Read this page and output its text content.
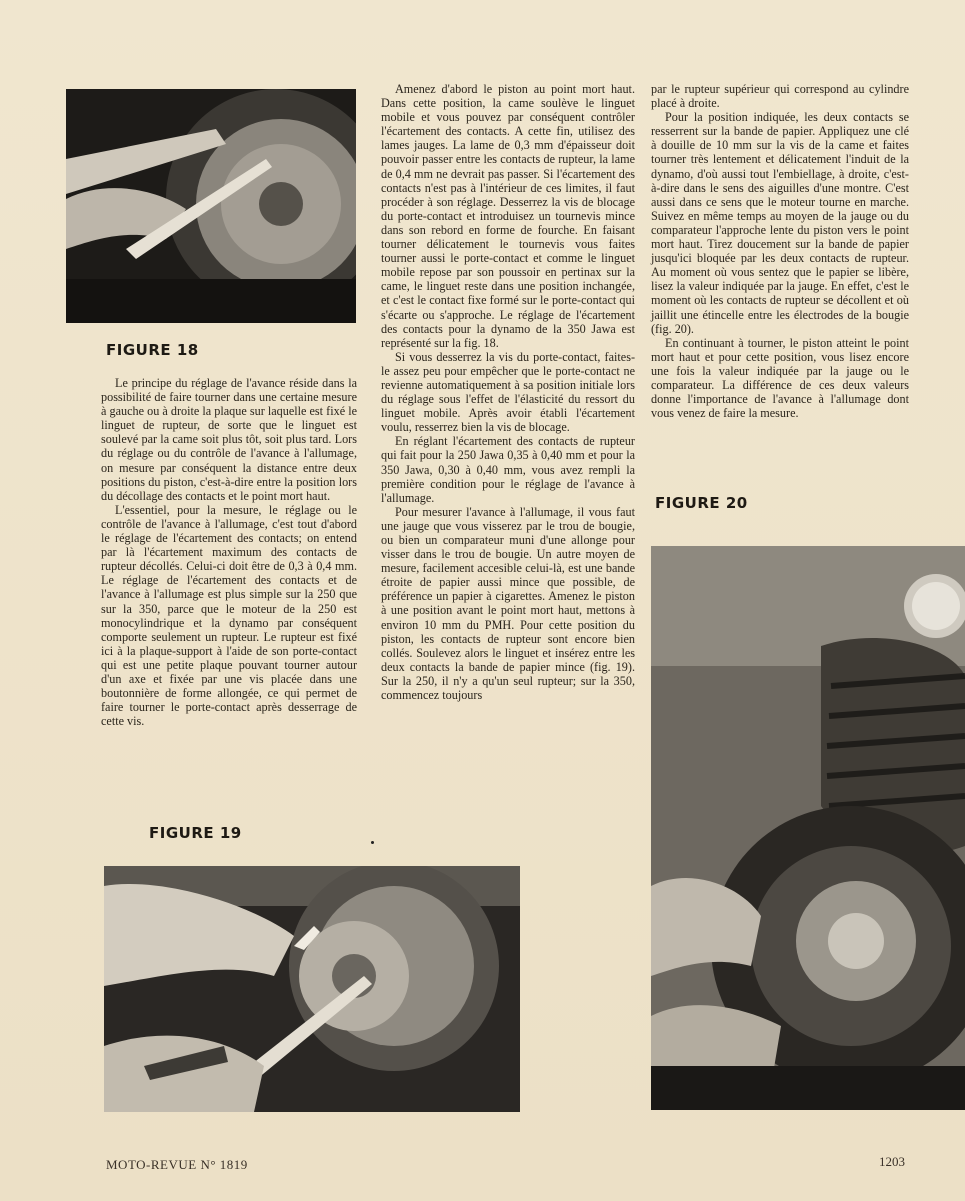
FIGURE 18

Le principe du réglage de l'avance réside dans la possibilité de faire tourner dans une certaine mesure à gauche ou à droite la plaque sur laquelle est fixé le linguet de rupteur, de sorte que le linguet est soulevé par la came soit plus tôt, soit plus tard. Lors du réglage ou du contrôle de l'avance à l'allumage, on mesure par conséquent la distance entre deux positions du piston, c'est-à-dire entre la position lors du décollage des contacts et le point mort haut.

L'essentiel, pour la mesure, le réglage ou le contrôle de l'avance à l'allumage, c'est tout d'abord le réglage de l'écartement des contacts; on entend par là l'écartement maximum des contacts de rupteur décollés. Celui-ci doit être de 0,3 à 0,4 mm. Le réglage de l'écartement des contacts et de l'avance à l'allumage est plus simple sur la 250 que sur la 350, parce que le moteur de la 250 est monocylindrique et la dynamo par conséquent comporte seulement un rupteur. Le rupteur est fixé ici à la plaque-support à l'aide de son porte-contact qui est une petite plaque pouvant tourner autour d'un axe et fixée par une vis placée dans une boutonnière de forme allongée, ce qui permet de faire tourner le porte-contact après desserrage de cette vis.

Amenez d'abord le piston au point mort haut. Dans cette position, la came soulève le linguet mobile et vous pouvez par conséquent contrôler l'écartement des contacts. A cette fin, utilisez des lames jauges. La lame de 0,3 mm d'épaisseur doit pouvoir passer entre les contacts de rupteur, la lame de 0,4 mm ne devrait pas passer. Si l'écartement des contacts n'est pas à l'intérieur de ces limites, il faut procéder à son réglage. Desserrez la vis de blocage du porte-contact et introduisez un tournevis mince dans son rebord en forme de fourche. En faisant tourner délicatement le tournevis vous faites tourner aussi le porte-contact et comme le linguet mobile repose par son poussoir en pertinax sur la came, le linguet reste dans une position inchangée, et c'est le contact fixe formé sur le porte-contact qui s'écarte ou s'approche. Le réglage de l'écartement des contacts pour la dynamo de la 350 Jawa est représenté sur la fig. 18.

Si vous desserrez la vis du porte-contact, faites-le assez peu pour empêcher que le porte-contact ne revienne automatiquement à sa position initiale lors du réglage sous l'effet de l'élasticité du ressort du linguet mobile. Après avoir établi l'écartement voulu, resserrez bien la vis de blocage.

En réglant l'écartement des contacts de rupteur qui fait pour la 250 Jawa 0,35 à 0,40 mm et pour la 350 Jawa, 0,30 à 0,40 mm, vous avez rempli la première condition pour le réglage de l'avance à l'allumage.

Pour mesurer l'avance à l'allumage, il vous faut une jauge que vous visserez par le trou de bougie, ou bien un comparateur muni d'une allonge pour visser dans le trou de bougie. Un autre moyen de mesure, facilement accesible celui-là, est une bande étroite de papier aussi mince que possible, de préférence un papier à cigarettes. Amenez le piston à une position avant le point mort haut, mettons à environ 10 mm du PMH. Pour cette position du piston, les contacts de rupteur sont encore bien collés. Soulevez alors le linguet et insérez entre les deux contacts la bande de papier mince (fig. 19). Sur la 250, il n'y a qu'un seul rupteur; sur la 350, commencez toujours

par le rupteur supérieur qui correspond au cylindre placé à droite.

Pour la position indiquée, les deux contacts se resserrent sur la bande de papier. Appliquez une clé à douille de 10 mm sur la vis de la came et faites tourner très lentement et délicatement l'induit de la dynamo, d'où aussi tout l'embiellage, à droite, c'est-à-dire dans le sens des aiguilles d'une montre. C'est aussi dans ce sens que le moteur tourne en marche. Suivez en même temps au moyen de la jauge ou du comparateur l'approche lente du piston vers le point mort haut. Tirez doucement sur la bande de papier jusqu'ici bloquée par les deux contacts de rupteur. Au moment où vous sentez que le papier se libère, lisez la valeur indiquée par la jauge. En effet, c'est le moment où les contacts de rupteur se décollent et où jaillit une étincelle entre les électrodes de la bougie (fig. 20).

En continuant à tourner, le piston atteint le point mort haut et pour cette position, vous lisez encore une fois la valeur indiquée par la jauge ou le comparateur. La différence de ces deux valeurs donne l'importance de l'avance à l'allumage dont vous venez de faire la mesure.

FIGURE 20
FIGURE 19
MOTO-REVUE N° 1819	1203
